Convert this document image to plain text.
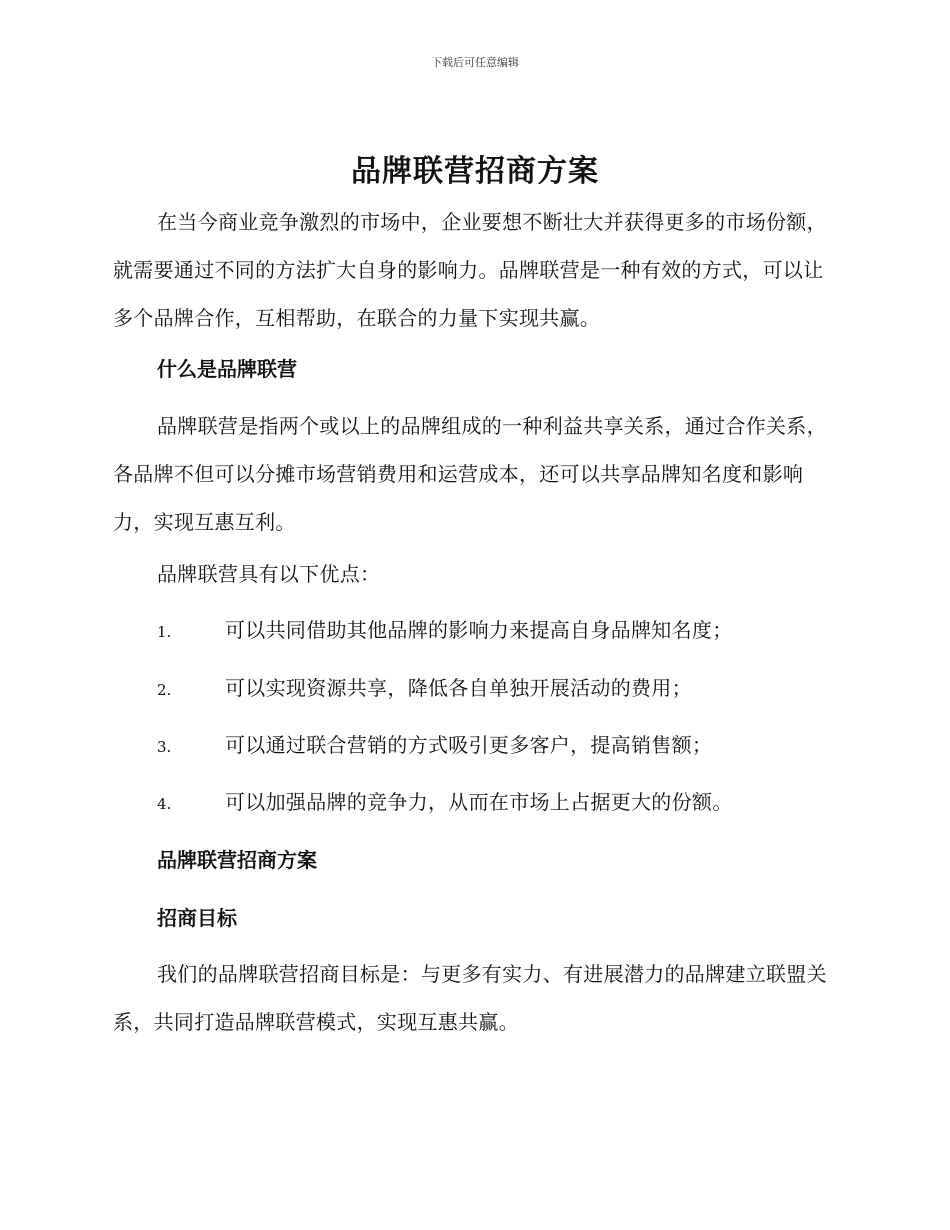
下载后可任意编辑
品牌联营招商方案
在当今商业竞争激烈的市场中，企业要想不断壮大并获得更多的市场份额，就需要通过不同的方法扩大自身的影响力。品牌联营是一种有效的方式，可以让多个品牌合作，互相帮助，在联合的力量下实现共赢。
什么是品牌联营
品牌联营是指两个或以上的品牌组成的一种利益共享关系，通过合作关系，各品牌不但可以分摊市场营销费用和运营成本，还可以共享品牌知名度和影响力，实现互惠互利。
品牌联营具有以下优点：
1.	可以共同借助其他品牌的影响力来提高自身品牌知名度；
2.	可以实现资源共享，降低各自单独开展活动的费用；
3.	可以通过联合营销的方式吸引更多客户，提高销售额；
4.	可以加强品牌的竞争力，从而在市场上占据更大的份额。
品牌联营招商方案
招商目标
我们的品牌联营招商目标是：与更多有实力、有进展潜力的品牌建立联盟关系，共同打造品牌联营模式，实现互惠共赢。
